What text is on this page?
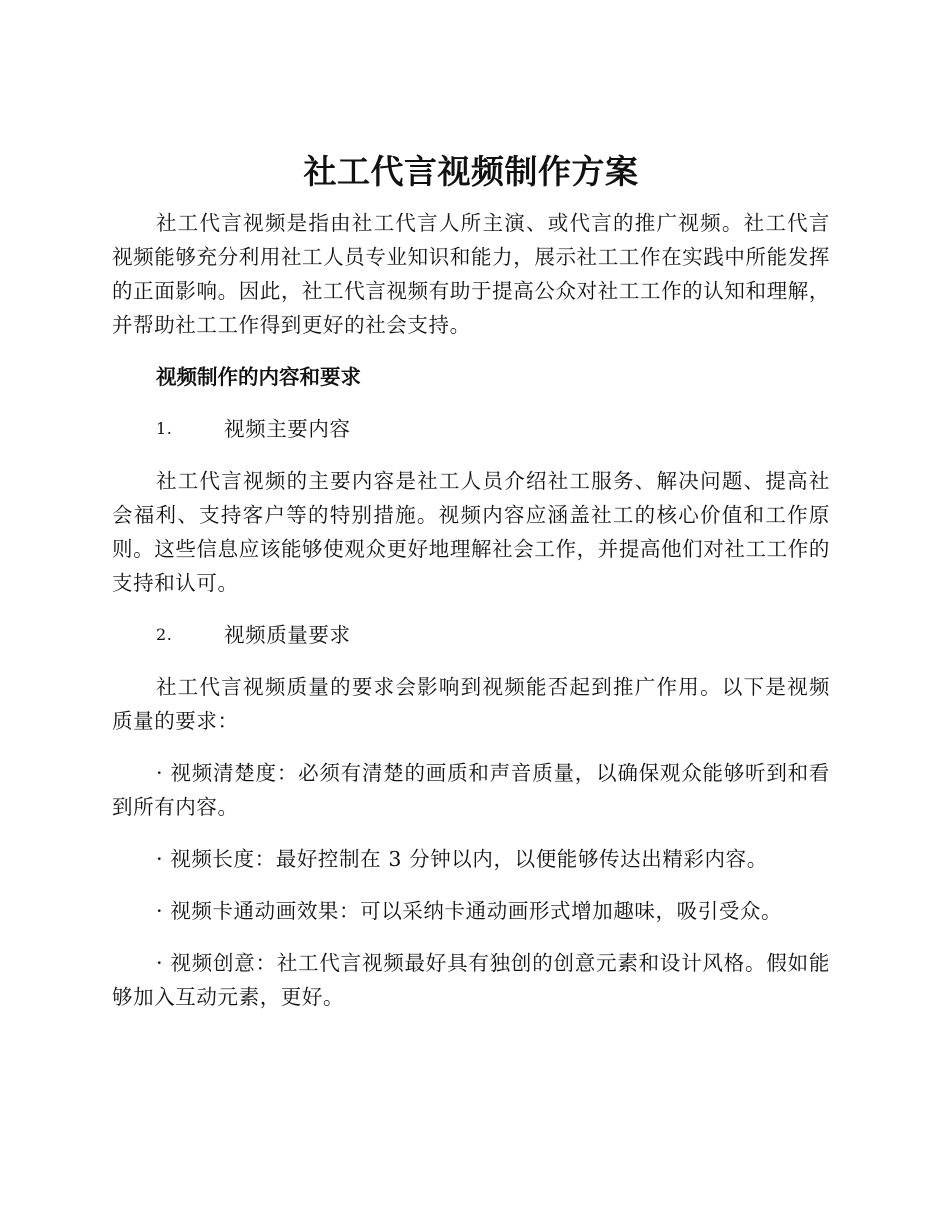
社工代言视频制作方案

社工代言视频是指由社工代言人所主演、或代言的推广视频。社工代言视频能够充分利用社工人员专业知识和能力，展示社工工作在实践中所能发挥的正面影响。因此，社工代言视频有助于提高公众对社工工作的认知和理解，并帮助社工工作得到更好的社会支持。

视频制作的内容和要求
1.	视频主要内容

社工代言视频的主要内容是社工人员介绍社工服务、解决问题、提高社会福利、支持客户等的特别措施。视频内容应涵盖社工的核心价值和工作原则。这些信息应该能够使观众更好地理解社会工作，并提高他们对社工工作的支持和认可。

2.	视频质量要求

社工代言视频质量的要求会影响到视频能否起到推广作用。以下是视频质量的要求：

· 视频清楚度：必须有清楚的画质和声音质量，以确保观众能够听到和看到所有内容。

· 视频长度：最好控制在 3 分钟以内，以便能够传达出精彩内容。

· 视频卡通动画效果：可以采纳卡通动画形式增加趣味，吸引受众。

· 视频创意：社工代言视频最好具有独创的创意元素和设计风格。假如能够加入互动元素，更好。
